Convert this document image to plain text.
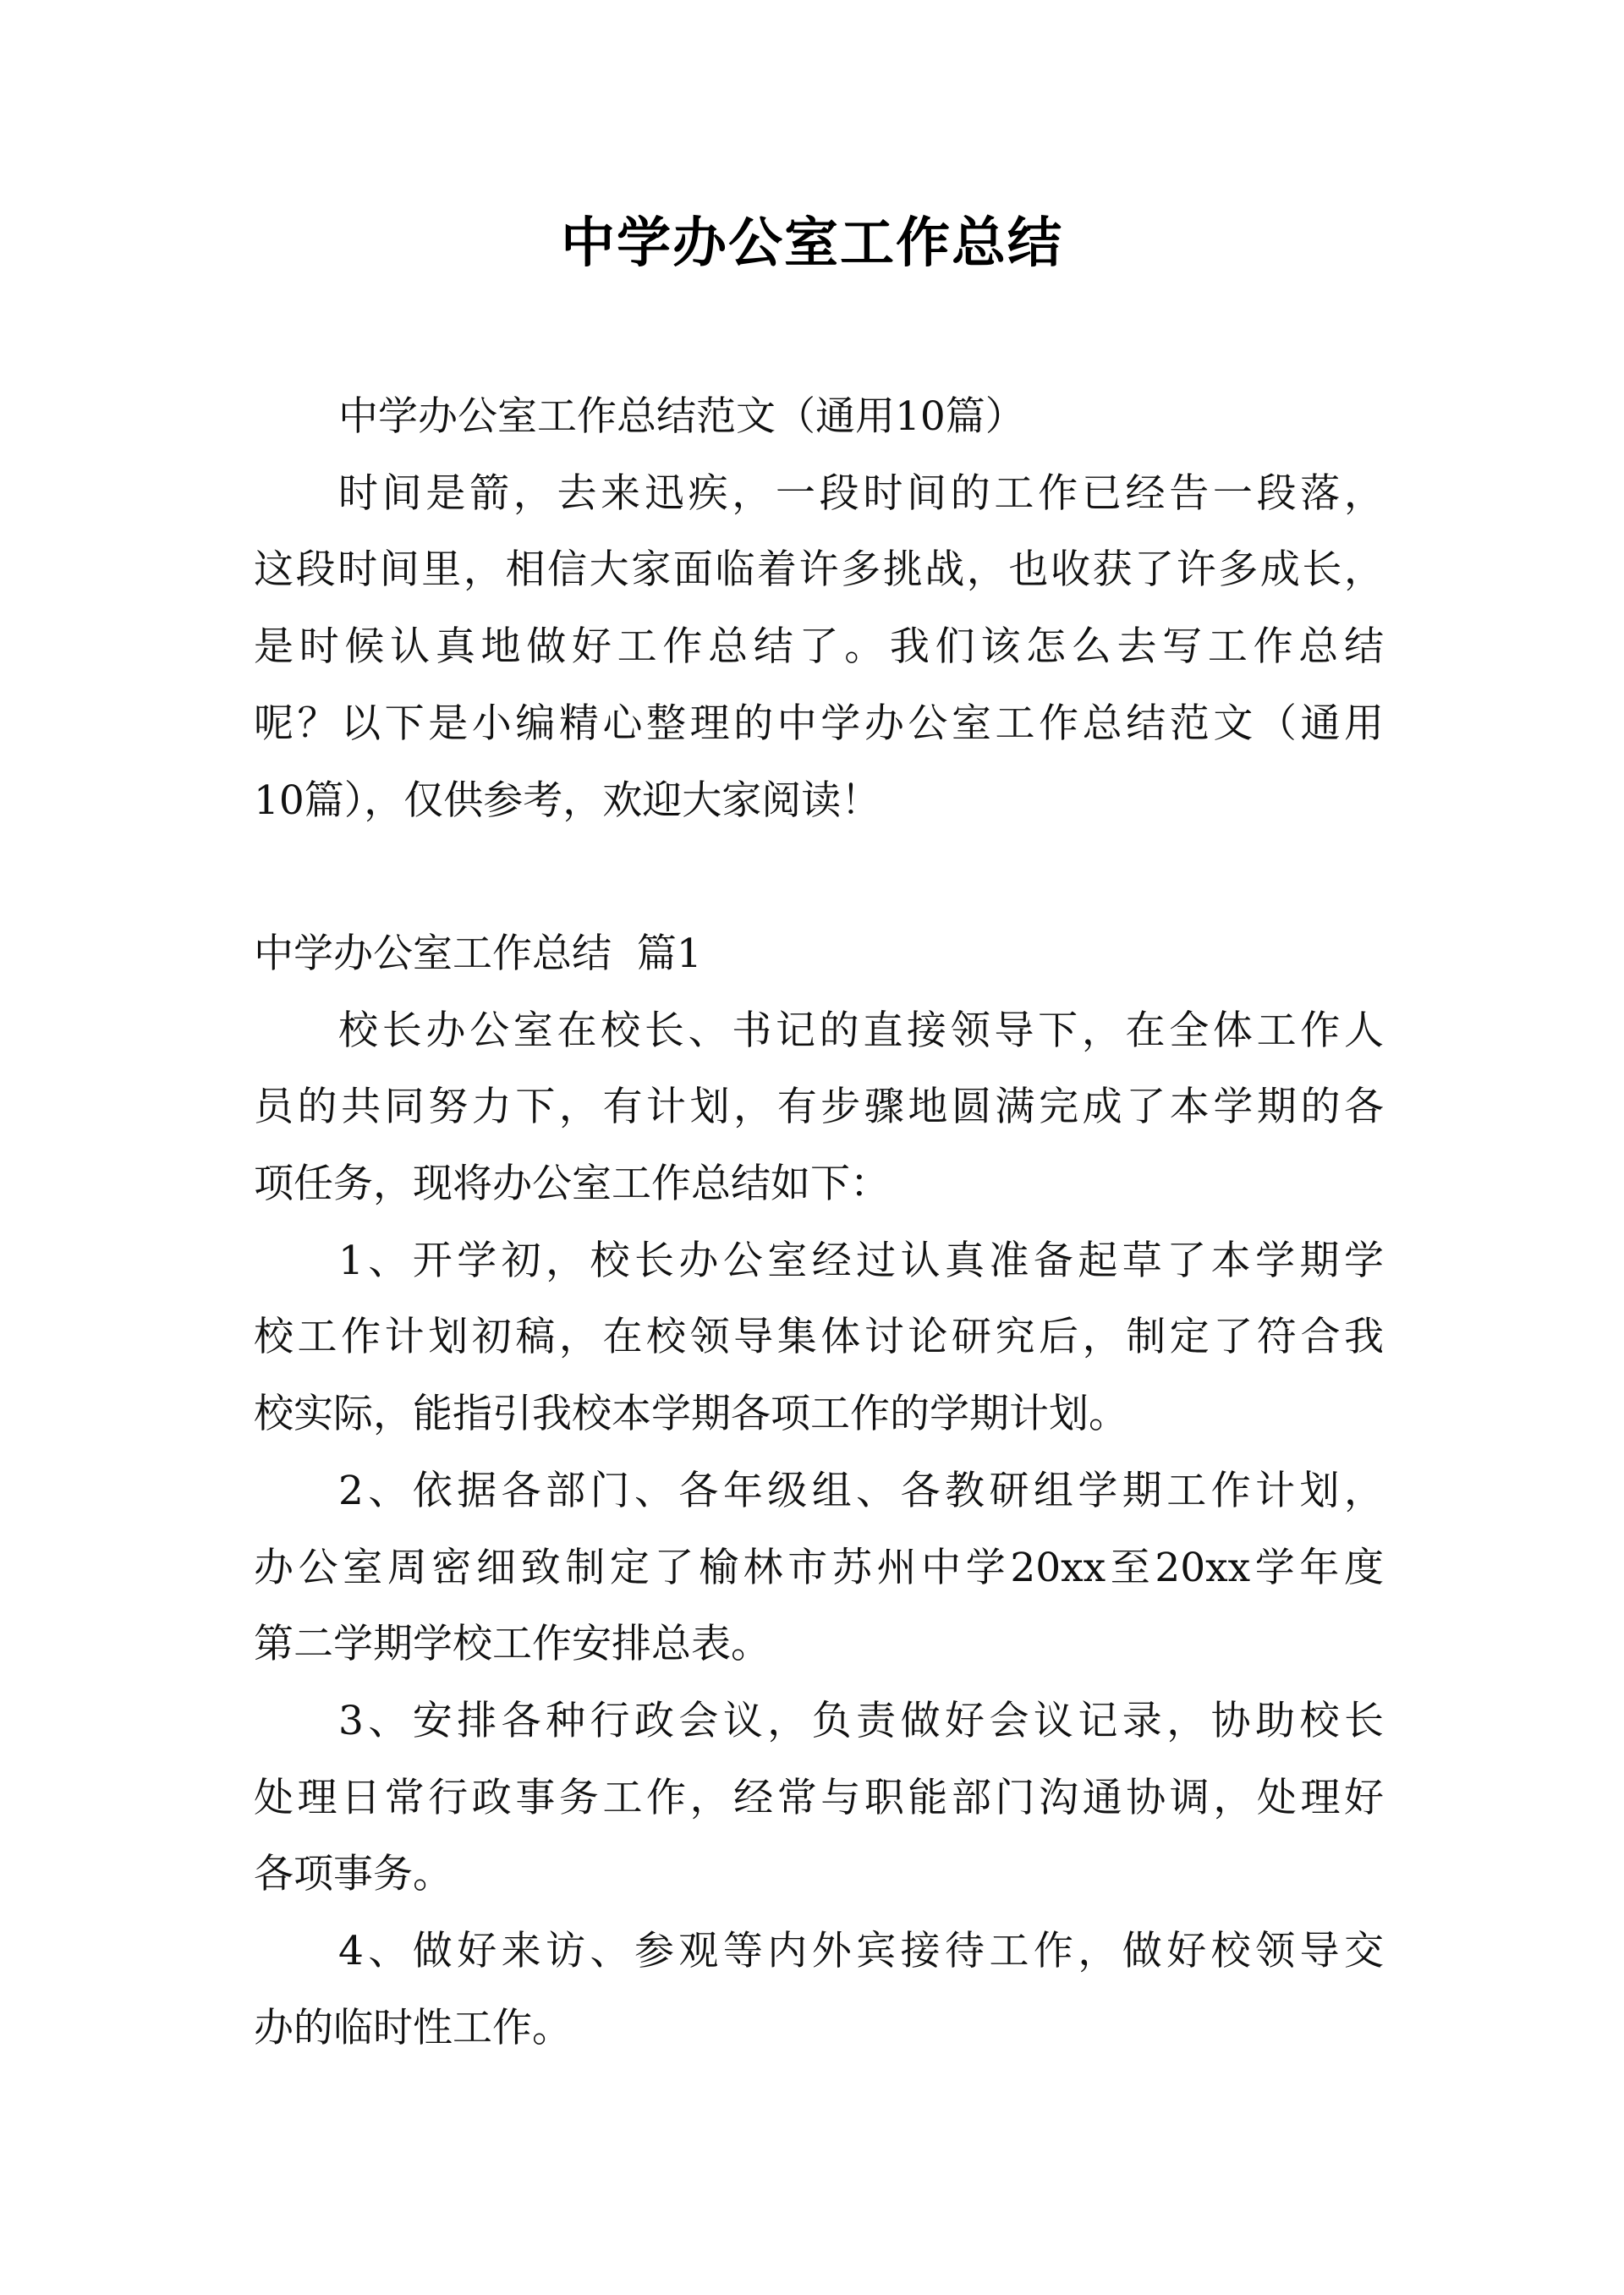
中学办公室工作总结
中学办公室工作总结范文（通用10篇）
时间是箭，去来迅疾，一段时间的工作已经告一段落，
这段时间里，相信大家面临着许多挑战，也收获了许多成长，
是时候认真地做好工作总结了。我们该怎么去写工作总结
呢？以下是小编精心整理的中学办公室工作总结范文（通用
10篇），仅供参考，欢迎大家阅读！
中学办公室工作总结  篇1
校长办公室在校长、书记的直接领导下，在全体工作人
员的共同努力下，有计划，有步骤地圆满完成了本学期的各
项任务，现将办公室工作总结如下：
1、开学初，校长办公室经过认真准备起草了本学期学
校工作计划初稿，在校领导集体讨论研究后，制定了符合我
校实际，能指引我校本学期各项工作的学期计划。
2、依据各部门、各年级组、各教研组学期工作计划，
办公室周密细致制定了榆林市苏州中学20xx至20xx学年度
第二学期学校工作安排总表。
3、安排各种行政会议，负责做好会议记录，协助校长
处理日常行政事务工作，经常与职能部门沟通协调，处理好
各项事务。
4、做好来访、参观等内外宾接待工作，做好校领导交
办的临时性工作。
